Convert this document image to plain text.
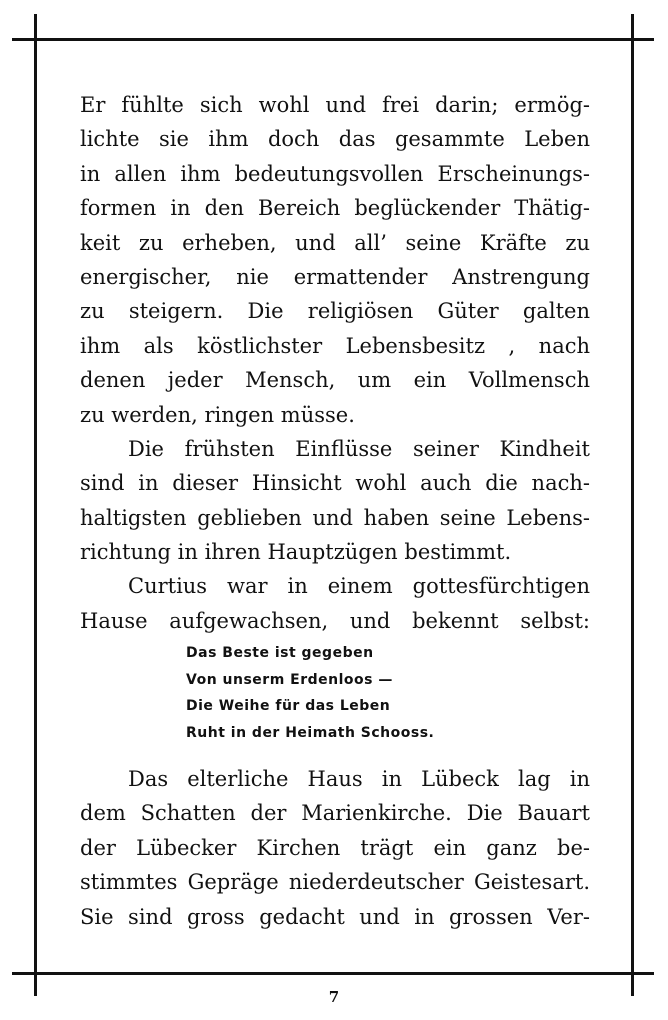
Er fühlte sich wohl und frei darin; ermög-
lichte sie ihm doch das gesammte Leben
in allen ihm bedeutungsvollen Erscheinungs-
formen in den Bereich beglückender Thätig-
keit zu erheben, und all’ seine Kräfte zu
energischer, nie ermattender Anstrengung
zu steigern. Die religiösen Güter galten
ihm als köstlichster Lebensbesitz , nach
denen jeder Mensch, um ein Vollmensch
zu werden, ringen müsse.
Die frühsten Einflüsse seiner Kindheit
sind in dieser Hinsicht wohl auch die nach-
haltigsten geblieben und haben seine Lebens-
richtung in ihren Hauptzügen bestimmt.
Curtius war in einem gottesfürchtigen
Hause aufgewachsen, und bekennt selbst:
Das Beste ist gegeben
Von unserm Erdenloos —
Die Weihe für das Leben
Ruht in der Heimath Schooss.
Das elterliche Haus in Lübeck lag in
dem Schatten der Marienkirche. Die Bauart
der Lübecker Kirchen trägt ein ganz be-
stimmtes Gepräge niederdeutscher Geistesart.
Sie sind gross gedacht und in grossen Ver-
7
